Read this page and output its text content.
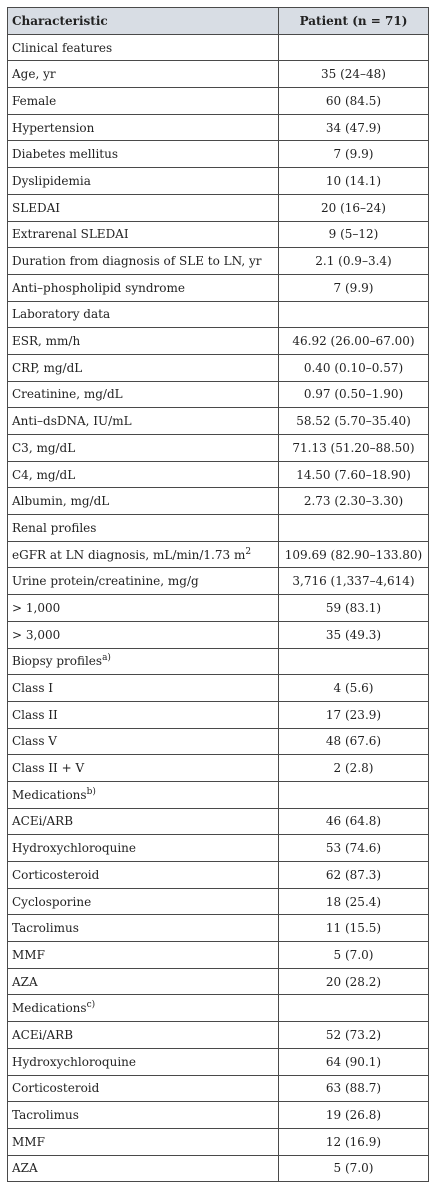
Characteristic	Patient (n = 71)
Clinical features	
Age, yr	35 (24–48)
Female	60 (84.5)
Hypertension	34 (47.9)
Diabetes mellitus	7 (9.9)
Dyslipidemia	10 (14.1)
SLEDAI	20 (16–24)
Extrarenal SLEDAI	9 (5–12)
Duration from diagnosis of SLE to LN, yr	2.1 (0.9–3.4)
Anti–phospholipid syndrome	7 (9.9)
Laboratory data	
ESR, mm/h	46.92 (26.00–67.00)
CRP, mg/dL	0.40 (0.10–0.57)
Creatinine, mg/dL	0.97 (0.50–1.90)
Anti–dsDNA, IU/mL	58.52 (5.70–35.40)
C3, mg/dL	71.13 (51.20–88.50)
C4, mg/dL	14.50 (7.60–18.90)
Albumin, mg/dL	2.73 (2.30–3.30)
Renal profiles	
eGFR at LN diagnosis, mL/min/1.73 $m^2$	109.69 (82.90–133.80)
Urine protein/creatinine, mg/g	3,716 (1,337–4,614)
> 1,000	59 (83.1)
> 3,000	35 (49.3)
Biopsy profiles$^{a)}$	
Class I	4 (5.6)
Class II	17 (23.9)
Class V	48 (67.6)
Class II + V	2 (2.8)
Medications$^{b)}$	
ACEi/ARB	46 (64.8)
Hydroxychloroquine	53 (74.6)
Corticosteroid	62 (87.3)
Cyclosporine	18 (25.4)
Tacrolimus	11 (15.5)
MMF	5 (7.0)
AZA	20 (28.2)
Medications$^{c)}$	
ACEi/ARB	52 (73.2)
Hydroxychloroquine	64 (90.1)
Corticosteroid	63 (88.7)
Tacrolimus	19 (26.8)
MMF	12 (16.9)
AZA	5 (7.0)
